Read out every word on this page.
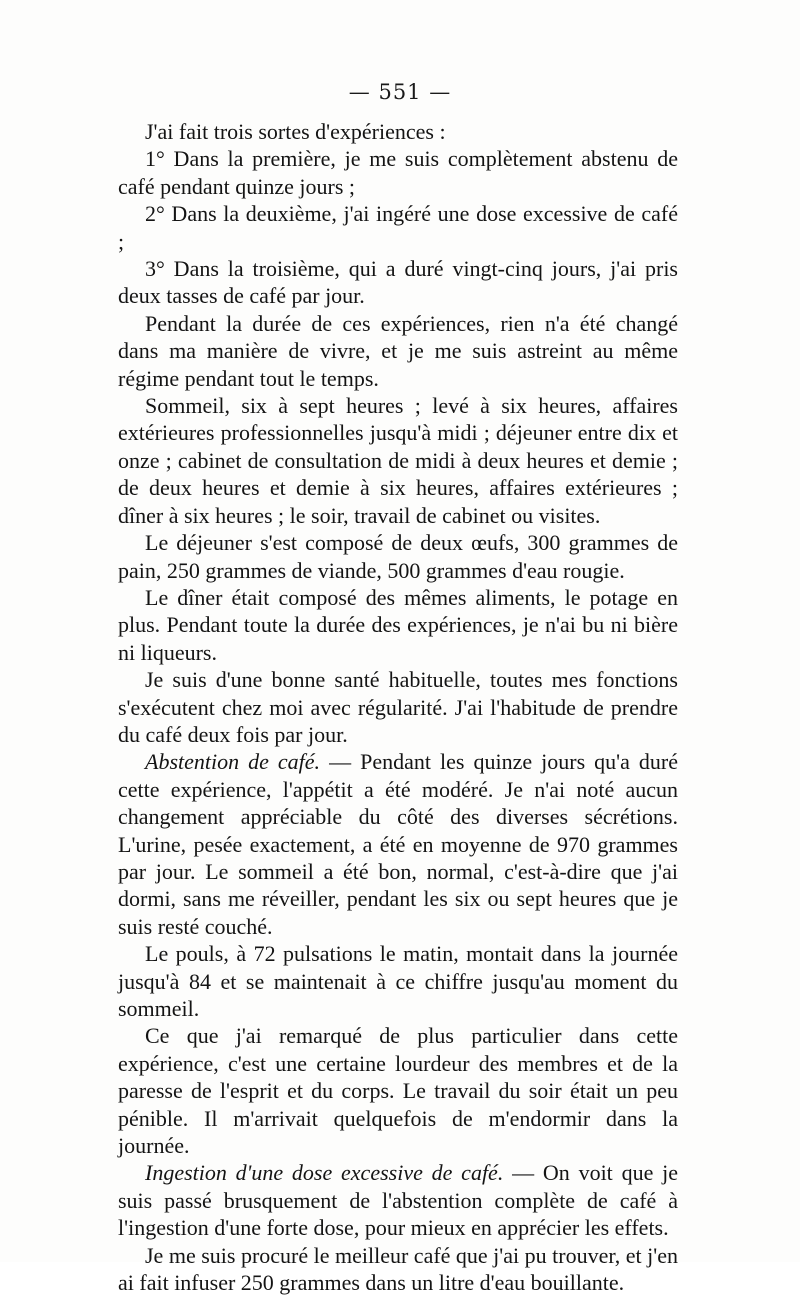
— 551 —

J'ai fait trois sortes d'expériences :

1° Dans la première, je me suis complètement abstenu de café pendant quinze jours ;

2° Dans la deuxième, j'ai ingéré une dose excessive de café ;

3° Dans la troisième, qui a duré vingt-cinq jours, j'ai pris deux tasses de café par jour.

Pendant la durée de ces expériences, rien n'a été changé dans ma manière de vivre, et je me suis astreint au même régime pendant tout le temps.

Sommeil, six à sept heures ; levé à six heures, affaires extérieures professionnelles jusqu'à midi ; déjeuner entre dix et onze ; cabinet de consultation de midi à deux heures et demie ; de deux heures et demie à six heures, affaires extérieures ; dîner à six heures ; le soir, travail de cabinet ou visites.

Le déjeuner s'est composé de deux œufs, 300 grammes de pain, 250 grammes de viande, 500 grammes d'eau rougie.

Le dîner était composé des mêmes aliments, le potage en plus. Pendant toute la durée des expériences, je n'ai bu ni bière ni liqueurs.

Je suis d'une bonne santé habituelle, toutes mes fonctions s'exécutent chez moi avec régularité. J'ai l'habitude de prendre du café deux fois par jour.

Abstention de café. — Pendant les quinze jours qu'a duré cette expérience, l'appétit a été modéré. Je n'ai noté aucun changement appréciable du côté des diverses sécrétions. L'urine, pesée exactement, a été en moyenne de 970 grammes par jour. Le sommeil a été bon, normal, c'est-à-dire que j'ai dormi, sans me réveiller, pendant les six ou sept heures que je suis resté couché.

Le pouls, à 72 pulsations le matin, montait dans la journée jusqu'à 84 et se maintenait à ce chiffre jusqu'au moment du sommeil.

Ce que j'ai remarqué de plus particulier dans cette expérience, c'est une certaine lourdeur des membres et de la paresse de l'esprit et du corps. Le travail du soir était un peu pénible. Il m'arrivait quelquefois de m'endormir dans la journée.

Ingestion d'une dose excessive de café. — On voit que je suis passé brusquement de l'abstention complète de café à l'ingestion d'une forte dose, pour mieux en apprécier les effets.

Je me suis procuré le meilleur café que j'ai pu trouver, et j'en ai fait infuser 250 grammes dans un litre d'eau bouillante.
